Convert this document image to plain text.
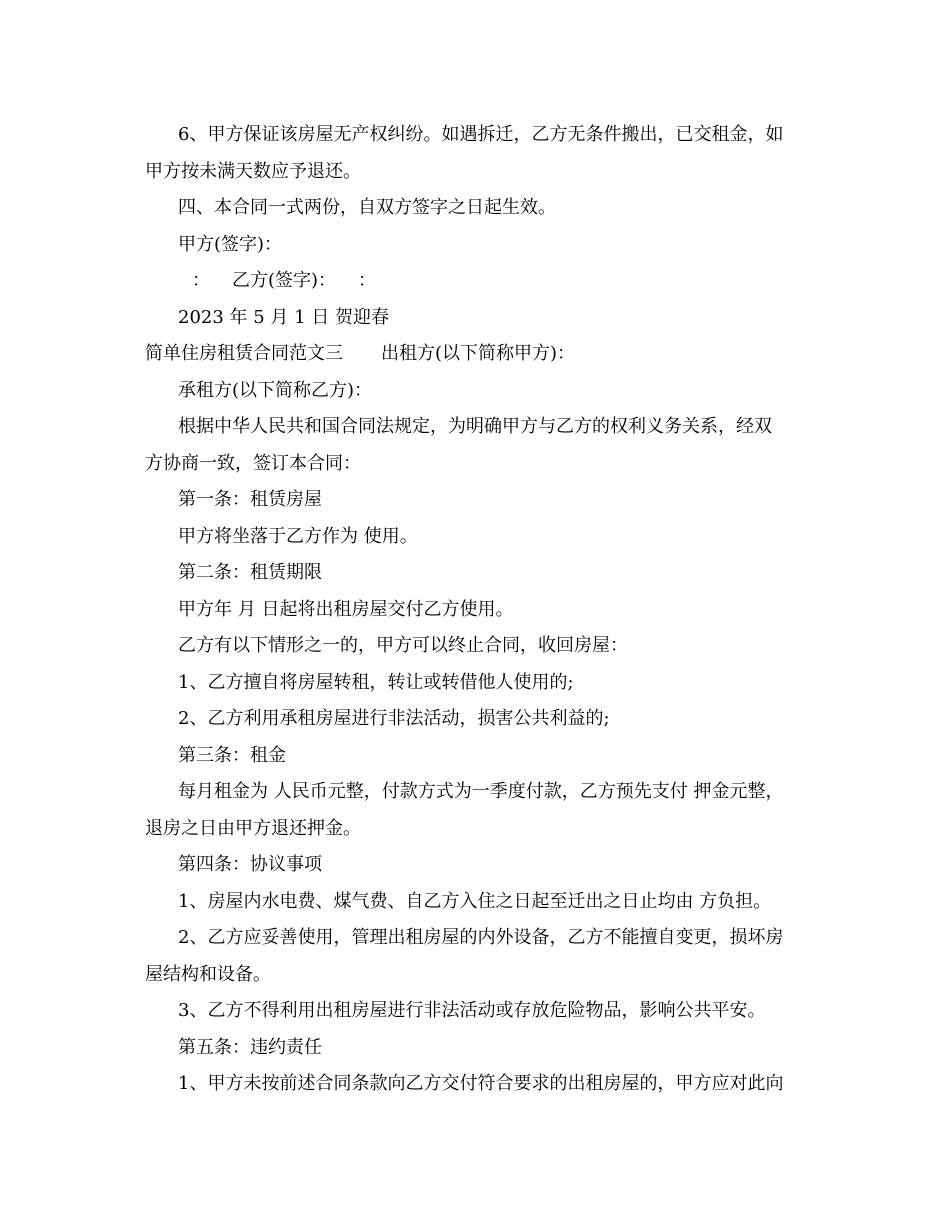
6、甲方保证该房屋无产权纠纷。如遇拆迁，乙方无条件搬出，已交租金，如
甲方按未满天数应予退还。
四、本合同一式两份，自双方签字之日起生效。
甲方(签字)：
： 乙方(签字)： ：
2023 年 5 月 1 日 贺迎春
简单住房租赁合同范文三 出租方(以下简称甲方)：
承租方(以下简称乙方)：
根据中华人民共和国合同法规定，为明确甲方与乙方的权利义务关系，经双
方协商一致，签订本合同：
第一条：租赁房屋
甲方将坐落于乙方作为 使用。
第二条：租赁期限
甲方年 月 日起将出租房屋交付乙方使用。
乙方有以下情形之一的，甲方可以终止合同，收回房屋：
1、乙方擅自将房屋转租，转让或转借他人使用的;
2、乙方利用承租房屋进行非法活动，损害公共利益的;
第三条：租金
每月租金为 人民币元整，付款方式为一季度付款，乙方预先支付 押金元整，
退房之日由甲方退还押金。
第四条：协议事项
1、房屋内水电费、煤气费、自乙方入住之日起至迁出之日止均由 方负担。
2、乙方应妥善使用，管理出租房屋的内外设备，乙方不能擅自变更，损坏房
屋结构和设备。
3、乙方不得利用出租房屋进行非法活动或存放危险物品，影响公共平安。
第五条：违约责任
1、甲方未按前述合同条款向乙方交付符合要求的出租房屋的，甲方应对此向
